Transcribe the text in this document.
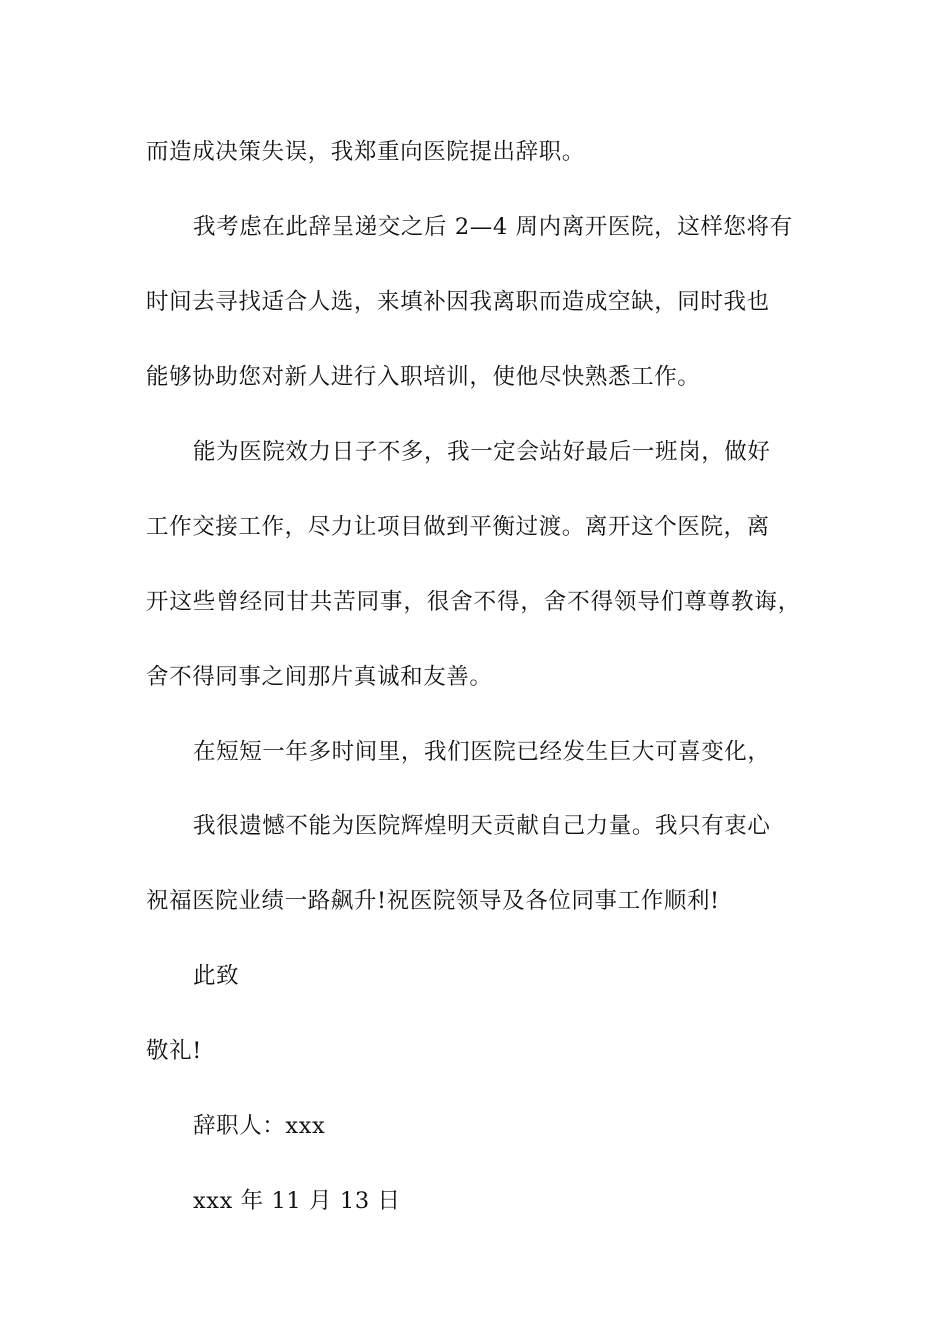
而造成决策失误，我郑重向医院提出辞职。
我考虑在此辞呈递交之后 2—4 周内离开医院，这样您将有
时间去寻找适合人选，来填补因我离职而造成空缺，同时我也
能够协助您对新人进行入职培训，使他尽快熟悉工作。
能为医院效力日子不多，我一定会站好最后一班岗，做好
工作交接工作，尽力让项目做到平衡过渡。离开这个医院，离
开这些曾经同甘共苦同事，很舍不得，舍不得领导们尊尊教诲，
舍不得同事之间那片真诚和友善。
在短短一年多时间里，我们医院已经发生巨大可喜变化，
我很遗憾不能为医院辉煌明天贡献自己力量。我只有衷心
祝福医院业绩一路飙升!祝医院领导及各位同事工作顺利!
此致
敬礼!
辞职人：xxx
xxx 年 11 月 13 日
